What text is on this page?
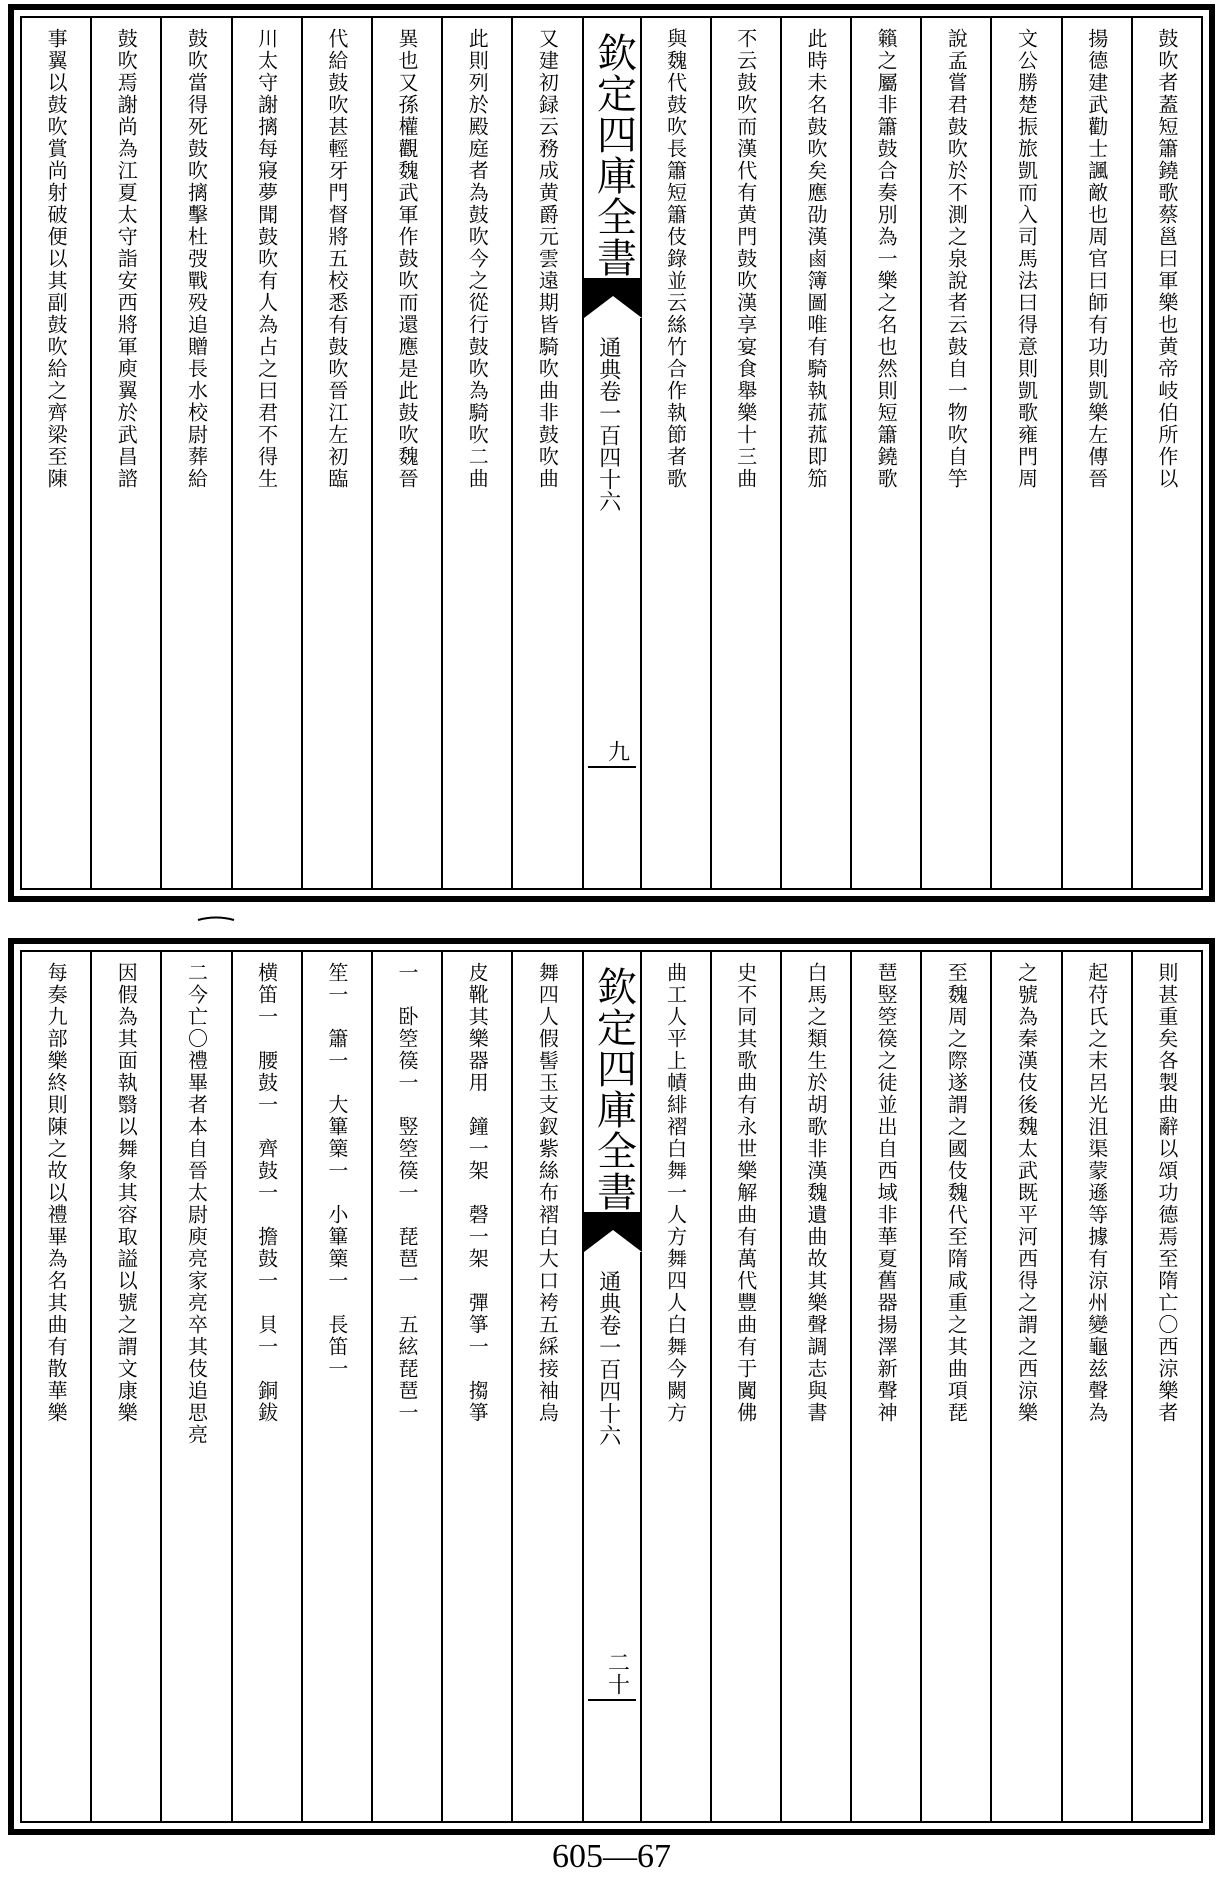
鼓吹者蓋短簫鐃歌蔡邕曰軍樂也黄帝岐伯所作以
揚德建武勸士諷敵也周官曰師有功則凱樂左傳晉
文公勝楚振旅凱而入司馬法曰得意則凱歌雍門周
說孟嘗君鼓吹於不測之泉說者云鼓自一物吹自竽
籟之屬非簫鼓合奏別為一樂之名也然則短簫鐃歌
此時未名鼓吹矣應劭漢鹵簿圖唯有騎執菰菰即笳
不云鼓吹而漢代有黄門鼓吹漢享宴食舉樂十三曲
與魏代鼓吹長簫短簫伎錄並云絲竹合作執節者歌
欽定四庫全書
通典卷一百四十六
九
又建初録云務成黄爵元雲遠期皆騎吹曲非鼓吹曲
此則列於殿庭者為鼓吹今之從行鼓吹為騎吹二曲
異也又孫權觀魏武軍作鼓吹而還應是此鼓吹魏晉
代給鼓吹甚輕牙門督將五校悉有鼓吹晉江左初臨
川太守謝摛每寢夢聞鼓吹有人為占之曰君不得生
鼓吹當得死鼓吹摛擊杜弢戰殁追贈長水校尉葬給
鼓吹焉謝尚為江夏太守詣安西將軍庾翼於武昌諮
事翼以鼓吹賞尚射破便以其副鼓吹給之齊梁至陳
則甚重矣各製曲辭以頌功德焉至隋亡〇西涼樂者
起苻氏之末呂光沮渠蒙遜等據有涼州變龜兹聲為
之號為秦漢伎後魏太武既平河西得之謂之西涼樂
至魏周之際遂謂之國伎魏代至隋咸重之其曲項琵
琶竪箜篌之徒並出自西域非華夏舊器揚澤新聲神
白馬之類生於胡歌非漢魏遺曲故其樂聲調志與書
史不同其歌曲有永世樂解曲有萬代豐曲有于闐佛
曲工人平上幘緋褶白舞一人方舞四人白舞今闕方
欽定四庫全書
通典卷一百四十六
二十
舞四人假髻玉支釵紫絲布褶白大口袴五綵接袖烏
皮靴其樂器用　鐘一架　磬一架　彈箏一　搊箏
一　卧箜篌一　竪箜篌一　琵琶一　五絃琵琶一
笙一　簫一　大篳篥一　小篳篥一　長笛一
横笛一　腰鼓一　齊鼓一　擔鼓一　貝一　銅鈸
二今亡〇禮畢者本自晉太尉庾亮家亮卒其伎追思亮
因假為其面執翳以舞象其容取謚以號之謂文康樂
每奏九部樂終則陳之故以禮畢為名其曲有散華樂
605—67
